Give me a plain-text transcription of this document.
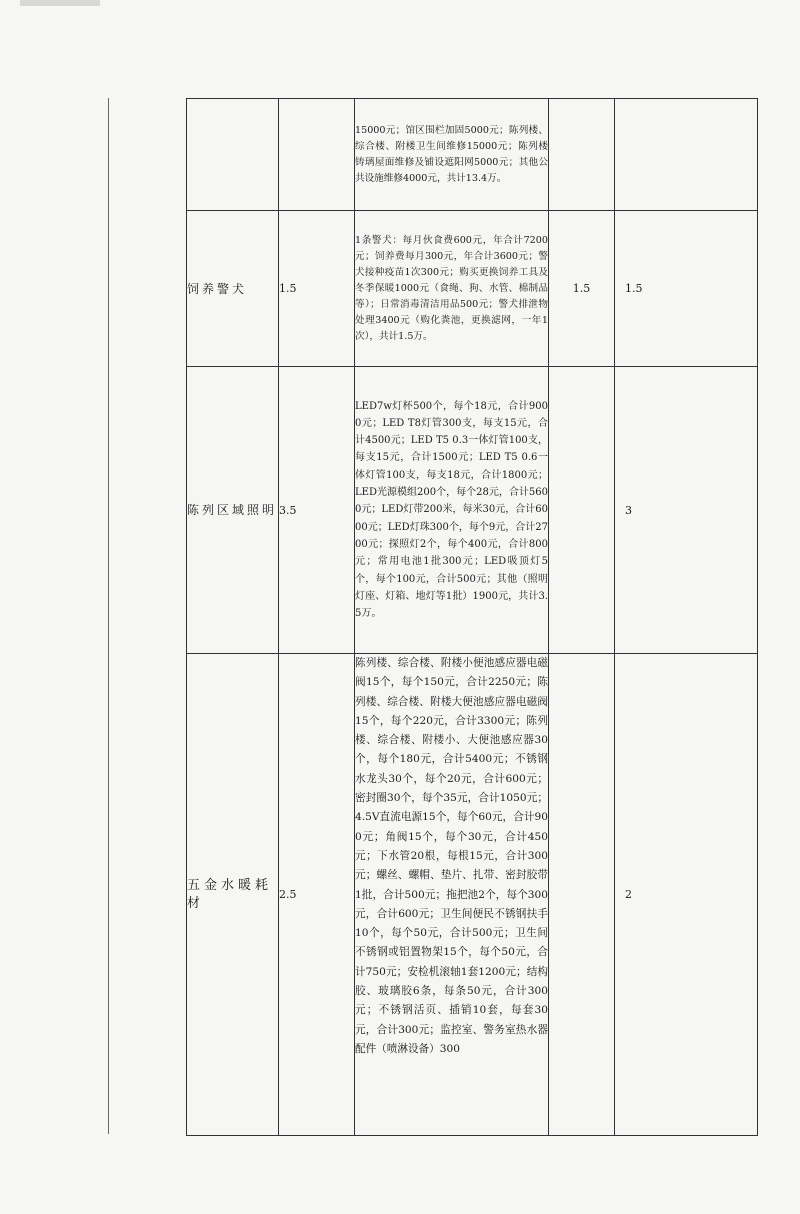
		15000元；馆区围栏加固5000元；陈列楼、综合楼、附楼卫生间维修15000元；陈列楼铸璃屋面维修及铺设遮阳网5000元；其他公共设施维修4000元，共计13.4万。		
饲养警犬	1.5	1条警犬：每月伙食费600元，年合计7200元；饲养费每月300元，年合计3600元；警犬接种疫苗1次300元；购买更换饲养工具及冬季保暖1000元（食绳、狗、水管、棉制品等）；日常消毒清洁用品500元；警犬排泄物处理3400元（购化粪池，更换滤网，一年1次），共计1.5万。	1.5	1.5
陈列区域照明	3.5	LED7w灯杯500个，每个18元，合计9000元；LED T8灯管300支，每支15元，合计4500元；LED T5 0.3一体灯管100支，每支15元，合计1500元；LED T5 0.6一体灯管100支，每支18元，合计1800元；LED光源模组200个，每个28元，合计5600元；LED灯带200米，每米30元，合计6000元；LED灯珠300个，每个9元，合计2700元；探照灯2个，每个400元，合计800元；常用电池1批300元；LED吸顶灯5个，每个100元，合计500元；其他（照明灯座、灯箱、地灯等1批）1900元，共计3.5万。		3
五金水暖耗材	2.5	陈列楼、综合楼、附楼小便池感应器电磁阀15个，每个150元，合计2250元；陈列楼、综合楼、附楼大便池感应器电磁阀15个，每个220元，合计3300元；陈列楼、综合楼、附楼小、大便池感应器30个，每个180元，合计5400元；不锈钢水龙头30个，每个20元，合计600元；密封圈30个，每个35元，合计1050元；4.5V直流电源15个，每个60元，合计900元；角阀15个，每个30元，合计450元；下水管20根，每根15元，合计300元；螺丝、螺帽、垫片、扎带、密封胶带1批，合计500元；拖把池2个，每个300元，合计600元；卫生间便民不锈钢扶手10个，每个50元，合计500元；卫生间不锈钢或铝置物架15个，每个50元，合计750元；安检机滚轴1套1200元；结构胶、玻璃胶6条，每条50元，合计300元；不锈钢活页、插销10套，每套30元，合计300元；监控室、警务室热水器配件（喷淋设备）300		2
